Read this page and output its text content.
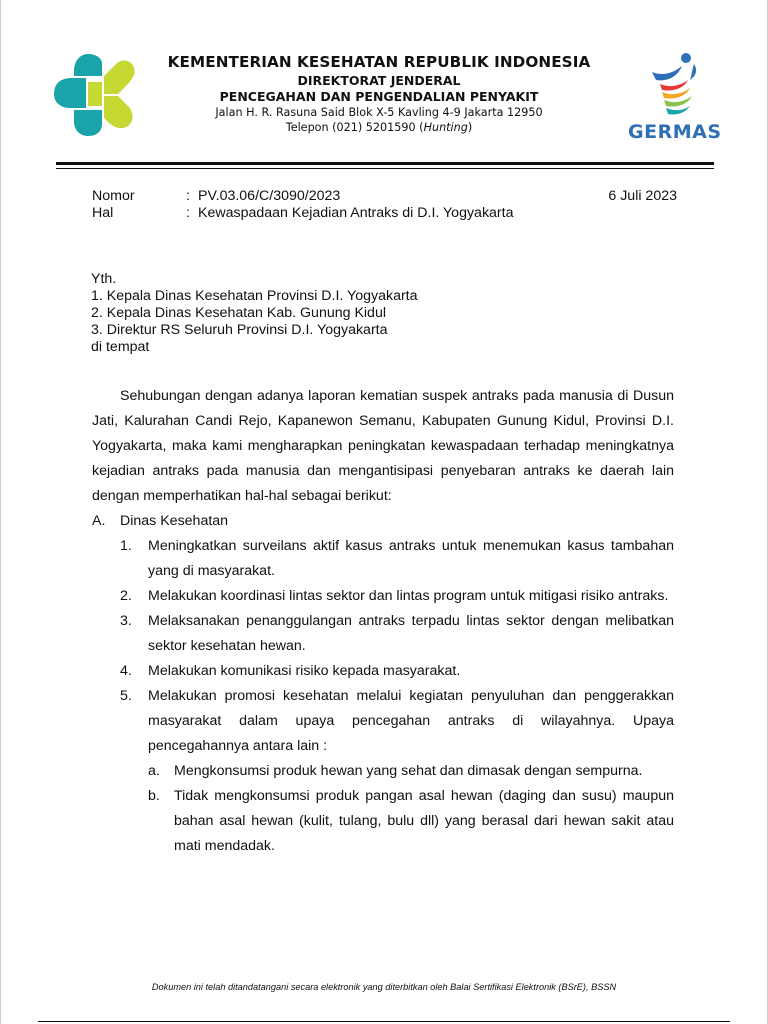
KEMENTERIAN KESEHATAN REPUBLIK INDONESIA
DIREKTORAT JENDERAL
PENCEGAHAN DAN PENGENDALIAN PENYAKIT
Jalan H. R. Rasuna Said Blok X-5 Kavling 4-9 Jakarta 12950
Telepon (021) 5201590 (Hunting)	GERMAS
Nomor	: PV.03.06/C/3090/2023	6 Juli 2023
Hal	: Kewaspadaan Kejadian Antraks di D.I. Yogyakarta
Yth.
1. Kepala Dinas Kesehatan Provinsi D.I. Yogyakarta
2. Kepala Dinas Kesehatan Kab. Gunung Kidul
3. Direktur RS Seluruh Provinsi D.I. Yogyakarta
di tempat

Sehubungan dengan adanya laporan kematian suspek antraks pada manusia di Dusun Jati, Kalurahan Candi Rejo, Kapanewon Semanu, Kabupaten Gunung Kidul, Provinsi D.I. Yogyakarta, maka kami mengharapkan peningkatan kewaspadaan terhadap meningkatnya kejadian antraks pada manusia dan mengantisipasi penyebaran antraks ke daerah lain dengan memperhatikan hal-hal sebagai berikut:

A. Dinas Kesehatan
1. Meningkatkan surveilans aktif kasus antraks untuk menemukan kasus tambahan yang di masyarakat.
2. Melakukan koordinasi lintas sektor dan lintas program untuk mitigasi risiko antraks.
3. Melaksanakan penanggulangan antraks terpadu lintas sektor dengan melibatkan sektor kesehatan hewan.
4. Melakukan komunikasi risiko kepada masyarakat.
5. Melakukan promosi kesehatan melalui kegiatan penyuluhan dan penggerakkan masyarakat dalam upaya pencegahan antraks di wilayahnya. Upaya pencegahannya antara lain :
a. Mengkonsumsi produk hewan yang sehat dan dimasak dengan sempurna.
b. Tidak mengkonsumsi produk pangan asal hewan (daging dan susu) maupun bahan asal hewan (kulit, tulang, bulu dll) yang berasal dari hewan sakit atau mati mendadak.
Dokumen ini telah ditandatangani secara elektronik yang diterbitkan oleh Balai Sertifikasi Elektronik (BSrE), BSSN
